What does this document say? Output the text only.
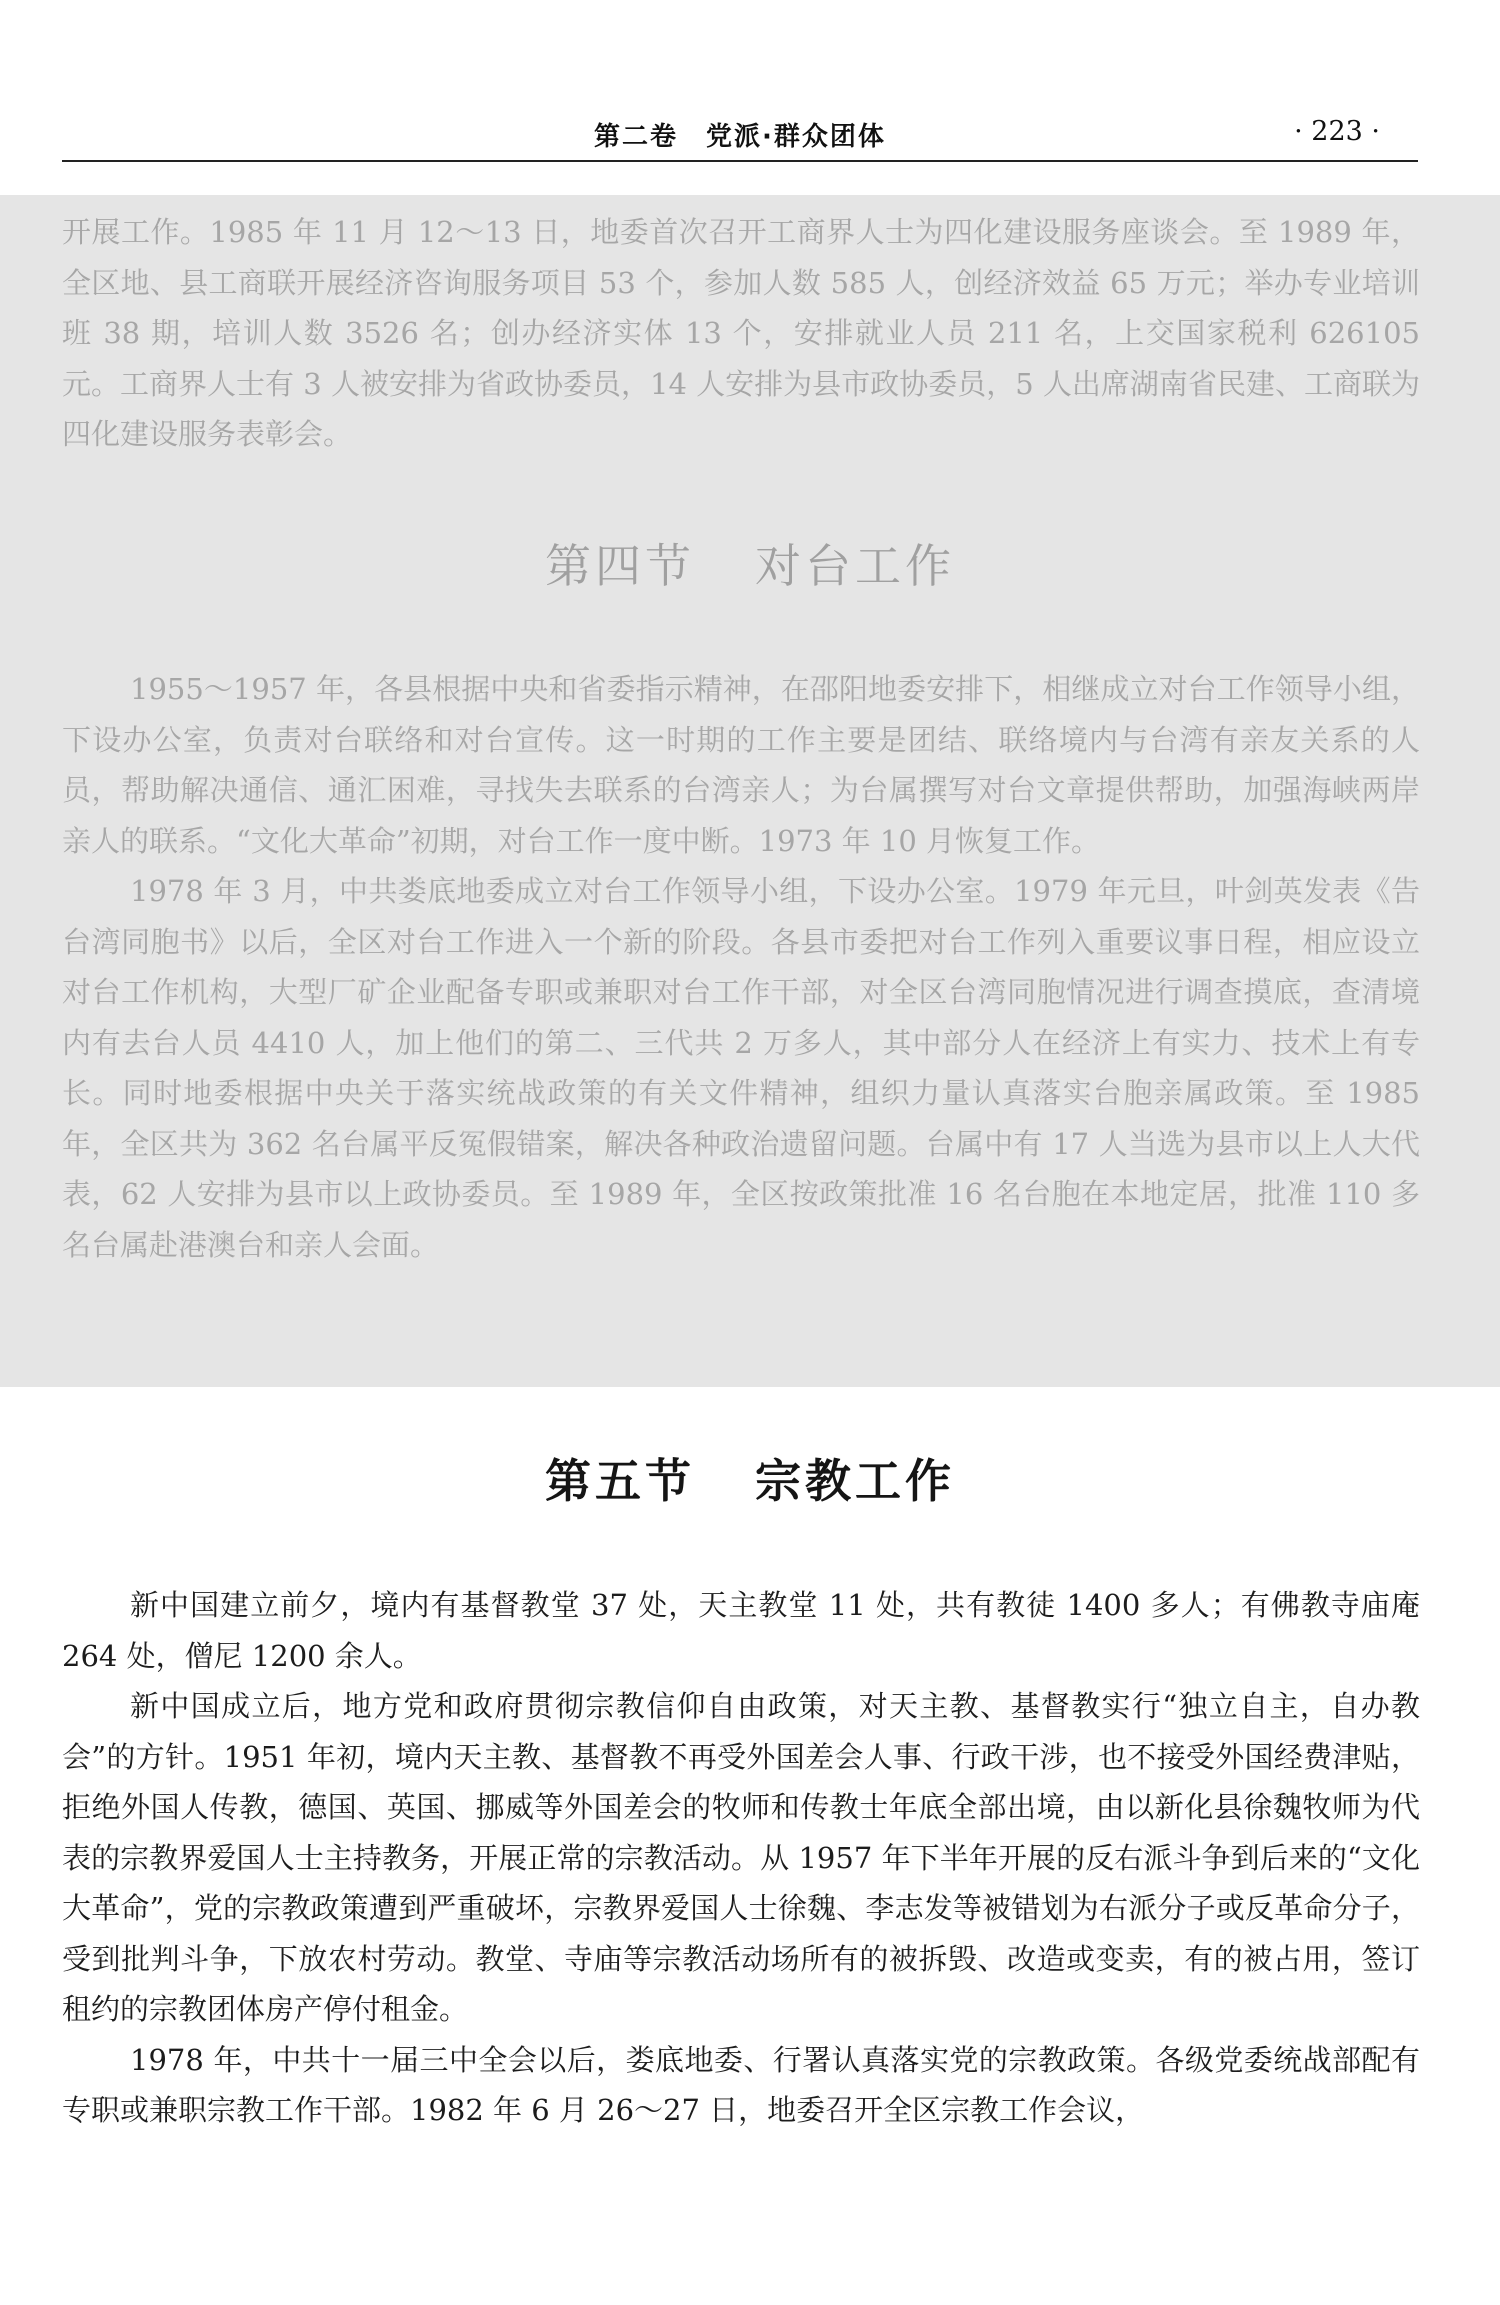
第二卷　党派·群众团体	· 223 ·

开展工作。1985 年 11 月 12～13 日，地委首次召开工商界人士为四化建设服务座谈会。至 1989 年，全区地、县工商联开展经济咨询服务项目 53 个，参加人数 585 人，创经济效益 65 万元；举办专业培训班 38 期，培训人数 3526 名；创办经济实体 13 个，安排就业人员 211 名，上交国家税利 626105 元。工商界人士有 3 人被安排为省政协委员，14 人安排为县市政协委员，5 人出席湖南省民建、工商联为四化建设服务表彰会。

第四节 对台工作

1955～1957 年，各县根据中央和省委指示精神，在邵阳地委安排下，相继成立对台工作领导小组，下设办公室，负责对台联络和对台宣传。这一时期的工作主要是团结、联络境内与台湾有亲友关系的人员，帮助解决通信、通汇困难，寻找失去联系的台湾亲人；为台属撰写对台文章提供帮助，加强海峡两岸亲人的联系。“文化大革命”初期，对台工作一度中断。1973 年 10 月恢复工作。

1978 年 3 月，中共娄底地委成立对台工作领导小组，下设办公室。1979 年元旦，叶剑英发表《告台湾同胞书》以后，全区对台工作进入一个新的阶段。各县市委把对台工作列入重要议事日程，相应设立对台工作机构，大型厂矿企业配备专职或兼职对台工作干部，对全区台湾同胞情况进行调查摸底，查清境内有去台人员 4410 人，加上他们的第二、三代共 2 万多人，其中部分人在经济上有实力、技术上有专长。同时地委根据中央关于落实统战政策的有关文件精神，组织力量认真落实台胞亲属政策。至 1985 年，全区共为 362 名台属平反冤假错案，解决各种政治遗留问题。台属中有 17 人当选为县市以上人大代表，62 人安排为县市以上政协委员。至 1989 年，全区按政策批准 16 名台胞在本地定居，批准 110 多名台属赴港澳台和亲人会面。

第五节 宗教工作

新中国建立前夕，境内有基督教堂 37 处，天主教堂 11 处，共有教徒 1400 多人；有佛教寺庙庵 264 处，僧尼 1200 余人。

新中国成立后，地方党和政府贯彻宗教信仰自由政策，对天主教、基督教实行“独立自主，自办教会”的方针。1951 年初，境内天主教、基督教不再受外国差会人事、行政干涉，也不接受外国经费津贴，拒绝外国人传教，德国、英国、挪威等外国差会的牧师和传教士年底全部出境，由以新化县徐魏牧师为代表的宗教界爱国人士主持教务，开展正常的宗教活动。从 1957 年下半年开展的反右派斗争到后来的“文化大革命”，党的宗教政策遭到严重破坏，宗教界爱国人士徐魏、李志发等被错划为右派分子或反革命分子，受到批判斗争，下放农村劳动。教堂、寺庙等宗教活动场所有的被拆毁、改造或变卖，有的被占用，签订租约的宗教团体房产停付租金。

1978 年，中共十一届三中全会以后，娄底地委、行署认真落实党的宗教政策。各级党委统战部配有专职或兼职宗教工作干部。1982 年 6 月 26～27 日，地委召开全区宗教工作会议，
